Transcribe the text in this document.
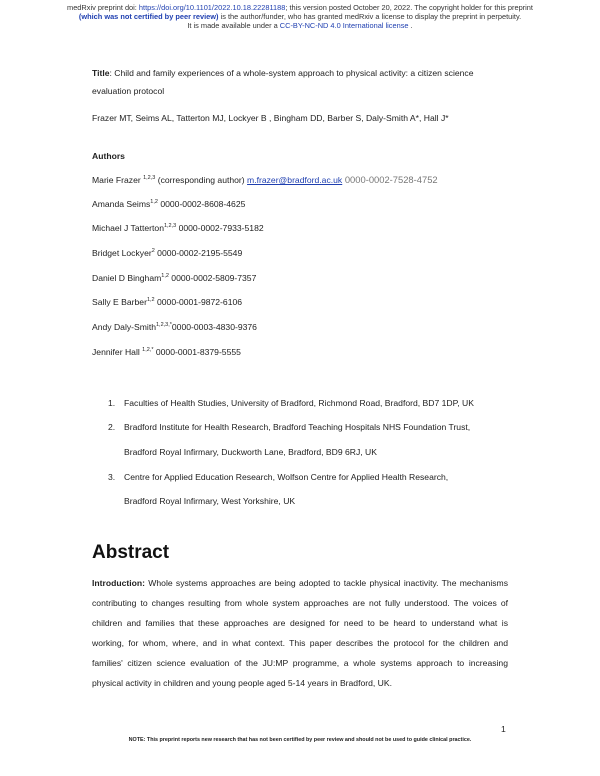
medRxiv preprint doi: https://doi.org/10.1101/2022.10.18.22281188; this version posted October 20, 2022. The copyright holder for this preprint
(which was not certified by peer review) is the author/funder, who has granted medRxiv a license to display the preprint in perpetuity.
It is made available under a CC-BY-NC-ND 4.0 International license .
Title: Child and family experiences of a whole-system approach to physical activity: a citizen science
evaluation protocol
Frazer MT, Seims AL, Tatterton MJ, Lockyer B , Bingham DD, Barber S, Daly-Smith A*, Hall J*
Authors
Marie Frazer $^{1,2,3}$ (corresponding author) m.frazer@bradford.ac.uk 0000-0002-7528-4752
Amanda Seims$^{1,2}$ 0000-0002-8608-4625
Michael J Tatterton$^{1,2,3}$ 0000-0002-7933-5182
Bridget Lockyer$^2$ 0000-0002-2195-5549
Daniel D Bingham$^{1,2}$ 0000-0002-5809-7357
Sally E Barber$^{1,2}$ 0000-0001-9872-6106
Andy Daly-Smith$^{1,2,3,*}$0000-0003-4830-9376
Jennifer Hall $^{1,2,*}$ 0000-0001-8379-5555
1. Faculties of Health Studies, University of Bradford, Richmond Road, Bradford, BD7 1DP, UK
2. Bradford Institute for Health Research, Bradford Teaching Hospitals NHS Foundation Trust,
Bradford Royal Infirmary, Duckworth Lane, Bradford, BD9 6RJ, UK
3. Centre for Applied Education Research, Wolfson Centre for Applied Health Research,
Bradford Royal Infirmary, West Yorkshire, UK
Abstract
Introduction: Whole systems approaches are being adopted to tackle physical inactivity. The mechanisms contributing to changes resulting from whole system approaches are not fully understood. The voices of children and families that these approaches are designed for need to be heard to understand what is working, for whom, where, and in what context. This paper describes the protocol for the children and families' citizen science evaluation of the JU:MP programme, a whole systems approach to increasing physical activity in children and young people aged 5-14 years in Bradford, UK.
1
NOTE: This preprint reports new research that has not been certified by peer review and should not be used to guide clinical practice.
